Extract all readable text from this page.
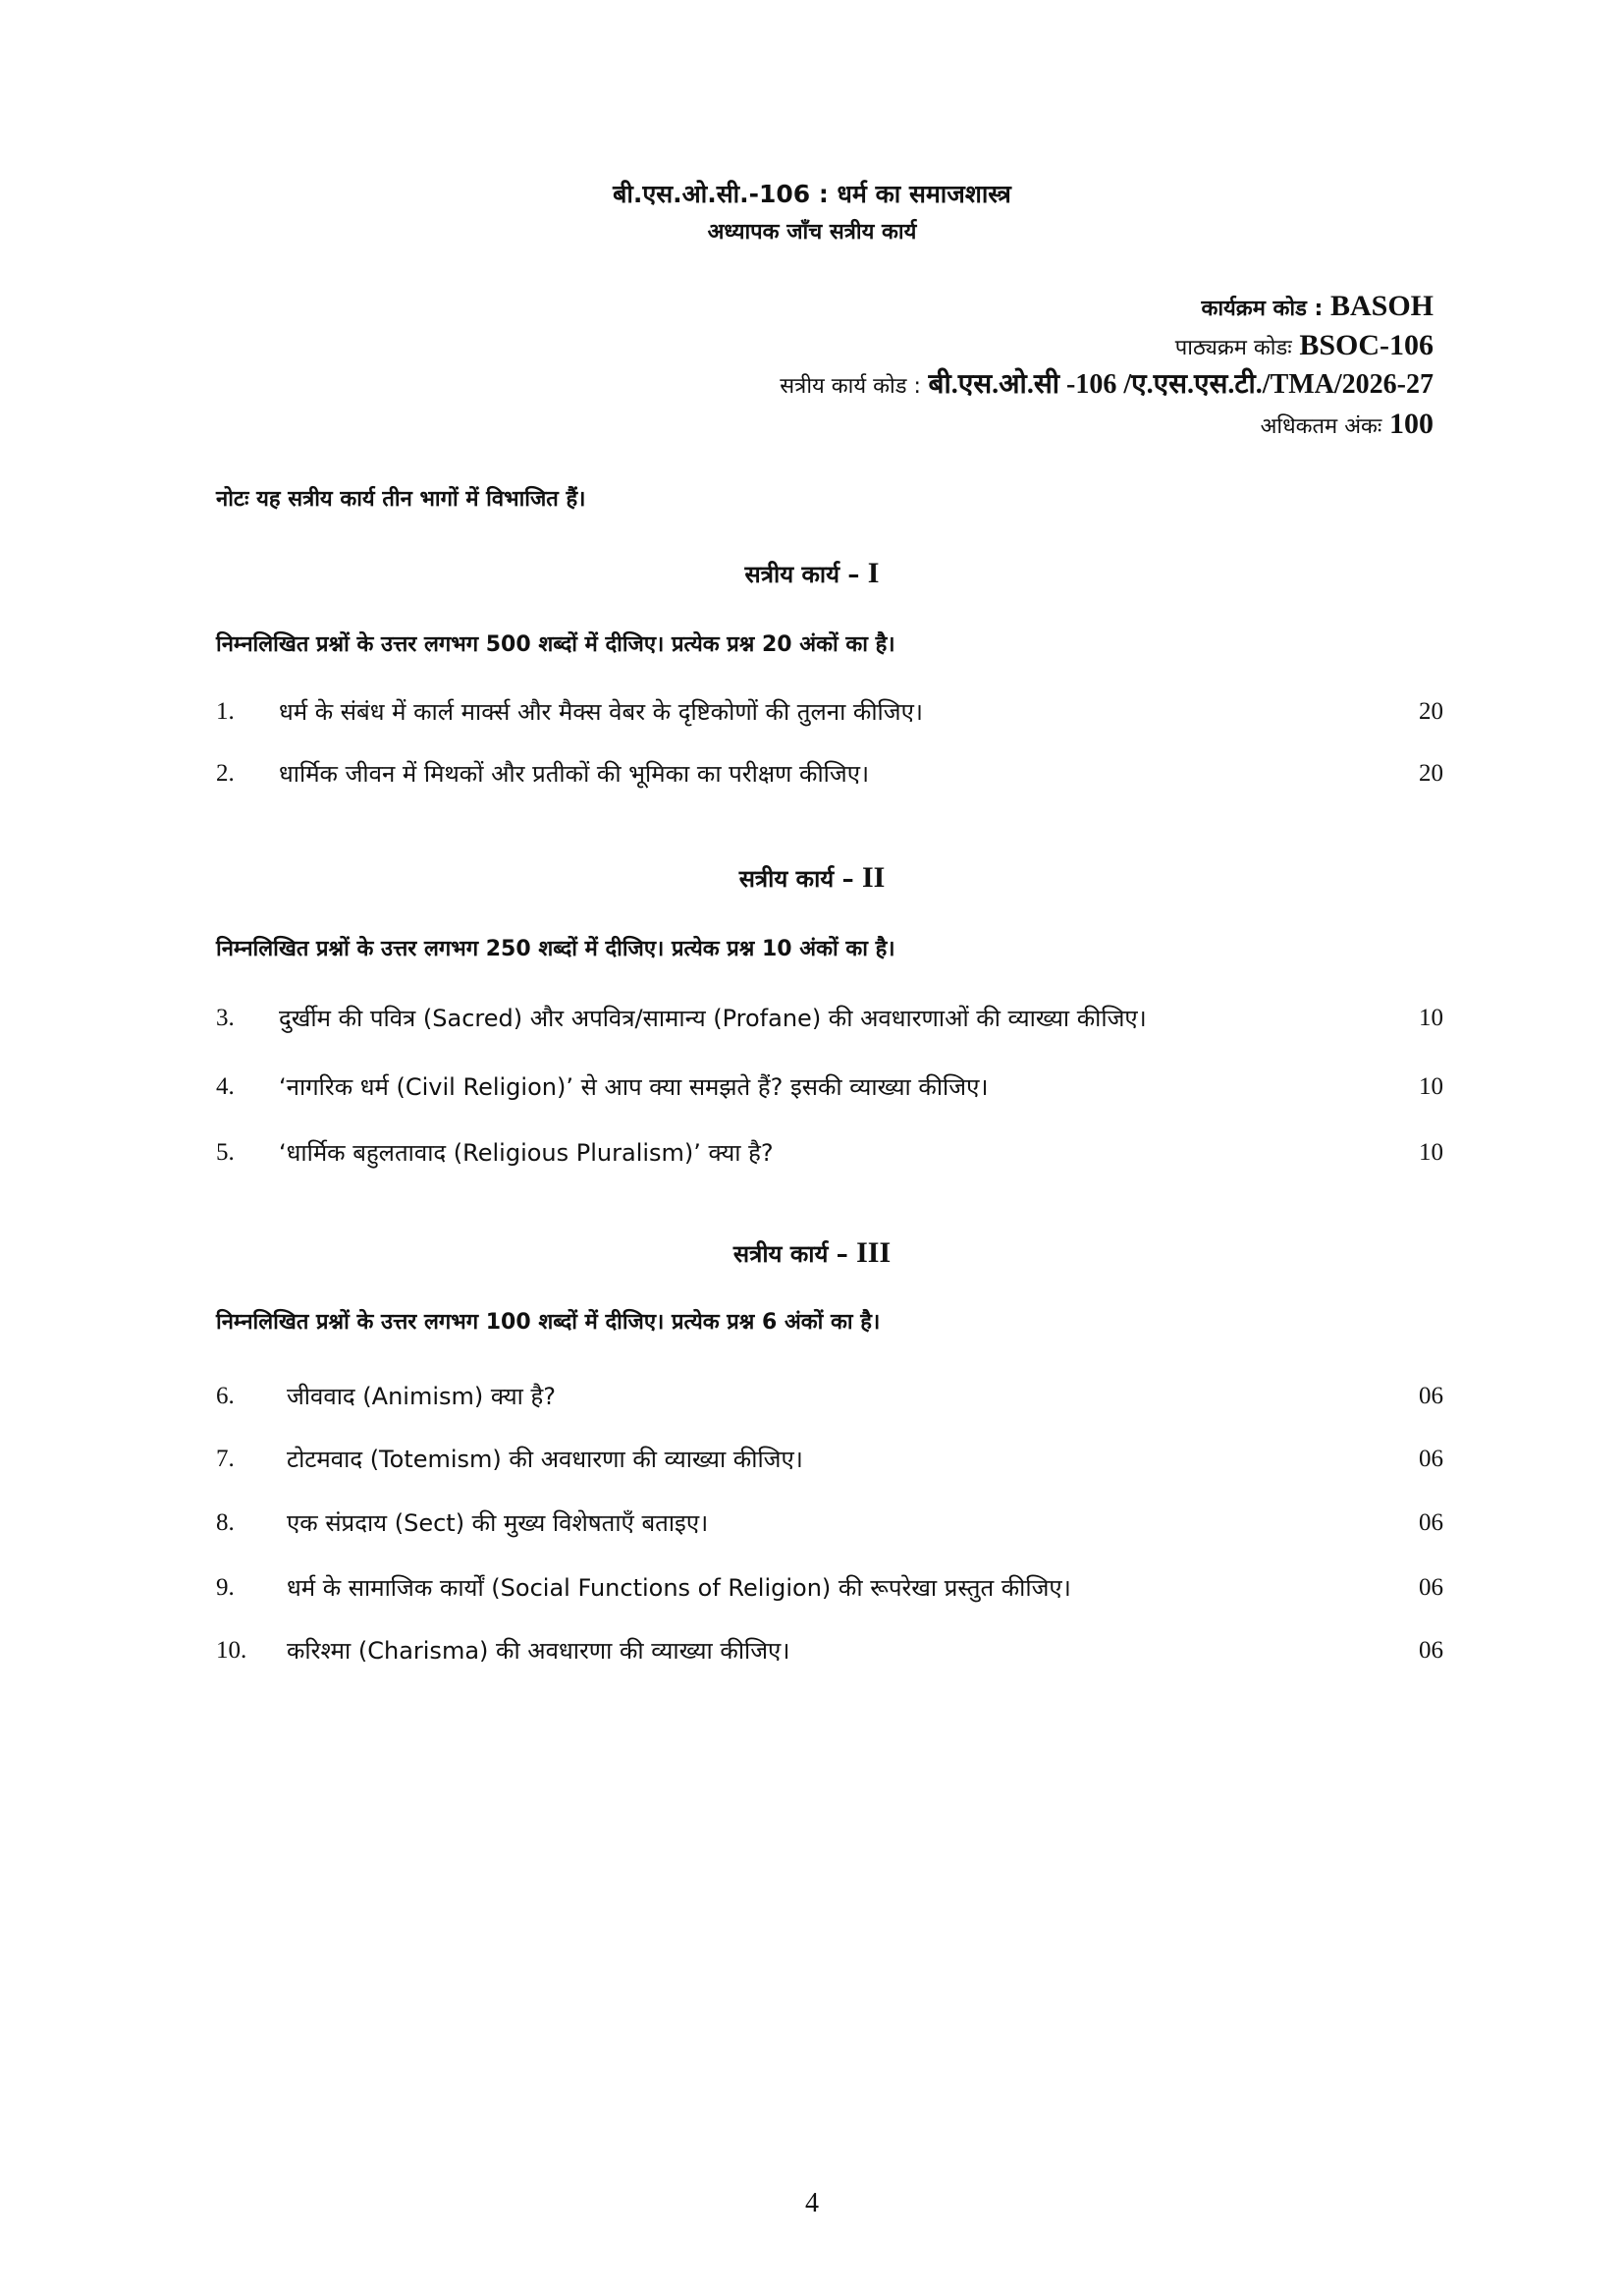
बी.एस.ओ.सी.-106 : धर्म का समाजशास्त्र
अध्यापक जाँच सत्रीय कार्य
कार्यक्रम कोड : BASOH
पाठ्यक्रम कोडः BSOC-106
सत्रीय कार्य कोड : बी.एस.ओ.सी -106 /ए.एस.एस.टी./TMA/2026-27
अधिकतम अंकः 100
नोटः यह सत्रीय कार्य तीन भागों में विभाजित हैं।
सत्रीय कार्य – I
निम्नलिखित प्रश्नों के उत्तर लगभग 500 शब्दों में दीजिए। प्रत्येक प्रश्न 20 अंकों का है।
1. धर्म के संबंध में कार्ल मार्क्स और मैक्स वेबर के दृष्टिकोणों की तुलना कीजिए।	20
2. धार्मिक जीवन में मिथकों और प्रतीकों की भूमिका का परीक्षण कीजिए।	20
सत्रीय कार्य – II
निम्नलिखित प्रश्नों के उत्तर लगभग 250 शब्दों में दीजिए। प्रत्येक प्रश्न 10 अंकों का है।
3. दुर्खीम की पवित्र (Sacred) और अपवित्र/सामान्य (Profane) की अवधारणाओं की व्याख्या कीजिए।	10
4. ‘नागरिक धर्म (Civil Religion)’ से आप क्या समझते हैं? इसकी व्याख्या कीजिए।	10
5. ‘धार्मिक बहुलतावाद (Religious Pluralism)’ क्या है?	10
सत्रीय कार्य – III
निम्नलिखित प्रश्नों के उत्तर लगभग 100 शब्दों में दीजिए। प्रत्येक प्रश्न 6 अंकों का है।
6. जीववाद (Animism) क्या है?	06
7. टोटमवाद (Totemism) की अवधारणा की व्याख्या कीजिए।	06
8. एक संप्रदाय (Sect) की मुख्य विशेषताएँ बताइए।	06
9. धर्म के सामाजिक कार्यों (Social Functions of Religion) की रूपरेखा प्रस्तुत कीजिए।	06
10. करिश्मा (Charisma) की अवधारणा की व्याख्या कीजिए।	06
4
